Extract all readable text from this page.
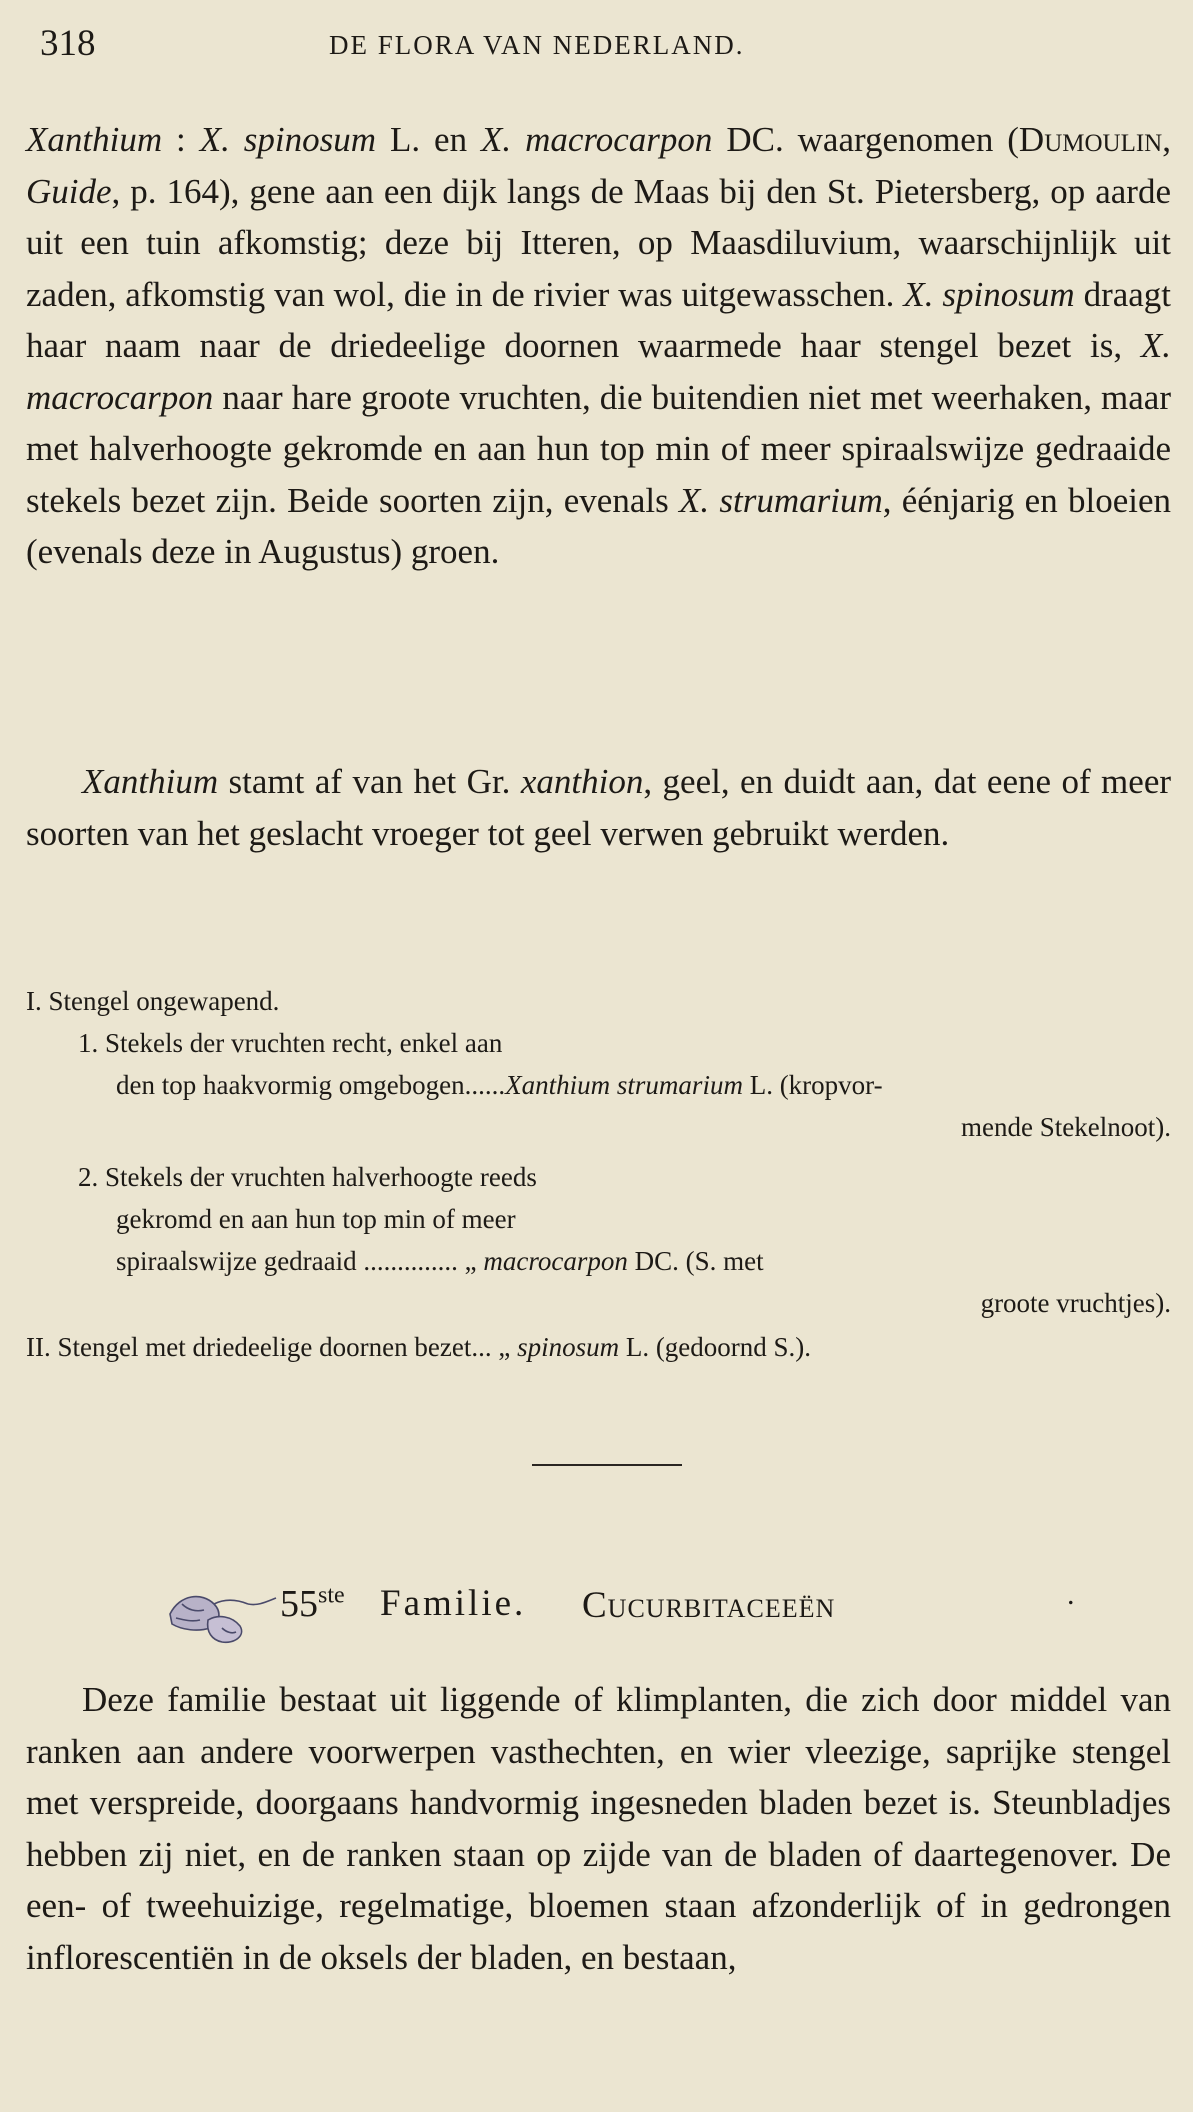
318	DE FLORA VAN NEDERLAND.
Xanthium : X. spinosum L. en X. macrocarpon DC. waargenomen (Dumoulin, Guide, p. 164), gene aan een dijk langs de Maas bij den St. Pietersberg, op aarde uit een tuin afkomstig; deze bij Itteren, op Maasdiluvium, waarschijnlijk uit zaden, afkomstig van wol, die in de rivier was uitgewasschen. X. spinosum draagt haar naam naar de driedeelige doornen waarmede haar stengel bezet is, X. macrocarpon naar hare groote vruchten, die buitendien niet met weerhaken, maar met halverhoogte gekromde en aan hun top min of meer spiraalswijze gedraaide stekels bezet zijn. Beide soorten zijn, evenals X. strumarium, éénjarig en bloeien (evenals deze in Augustus) groen.
Xanthium stamt af van het Gr. xanthion, geel, en duidt aan, dat eene of meer soorten van het geslacht vroeger tot geel verwen gebruikt werden.
I. Stengel ongewapend.
1. Stekels der vruchten recht, enkel aan
den top haakvormig omgebogen......Xanthium strumarium L. (kropvor-
mende Stekelnoot).
2. Stekels der vruchten halverhoogte reeds
gekromd en aan hun top min of meer
spiraalswijze gedraaid .............. „ macrocarpon DC. (S. met
groote vruchtjes).
II. Stengel met driedeelige doornen bezet... „ spinosum L. (gedoornd S.).
55ste Familie. Cucurbitaceeën	.
Deze familie bestaat uit liggende of klimplanten, die zich door middel van ranken aan andere voorwerpen vasthechten, en wier vleezige, saprijke stengel met verspreide, doorgaans handvormig ingesneden bladen bezet is. Steunbladjes hebben zij niet, en de ranken staan op zijde van de bladen of daartegenover. De een- of tweehuizige, regelmatige, bloemen staan afzonderlijk of in gedrongen inflorescentiën in de oksels der bladen, en bestaan,
